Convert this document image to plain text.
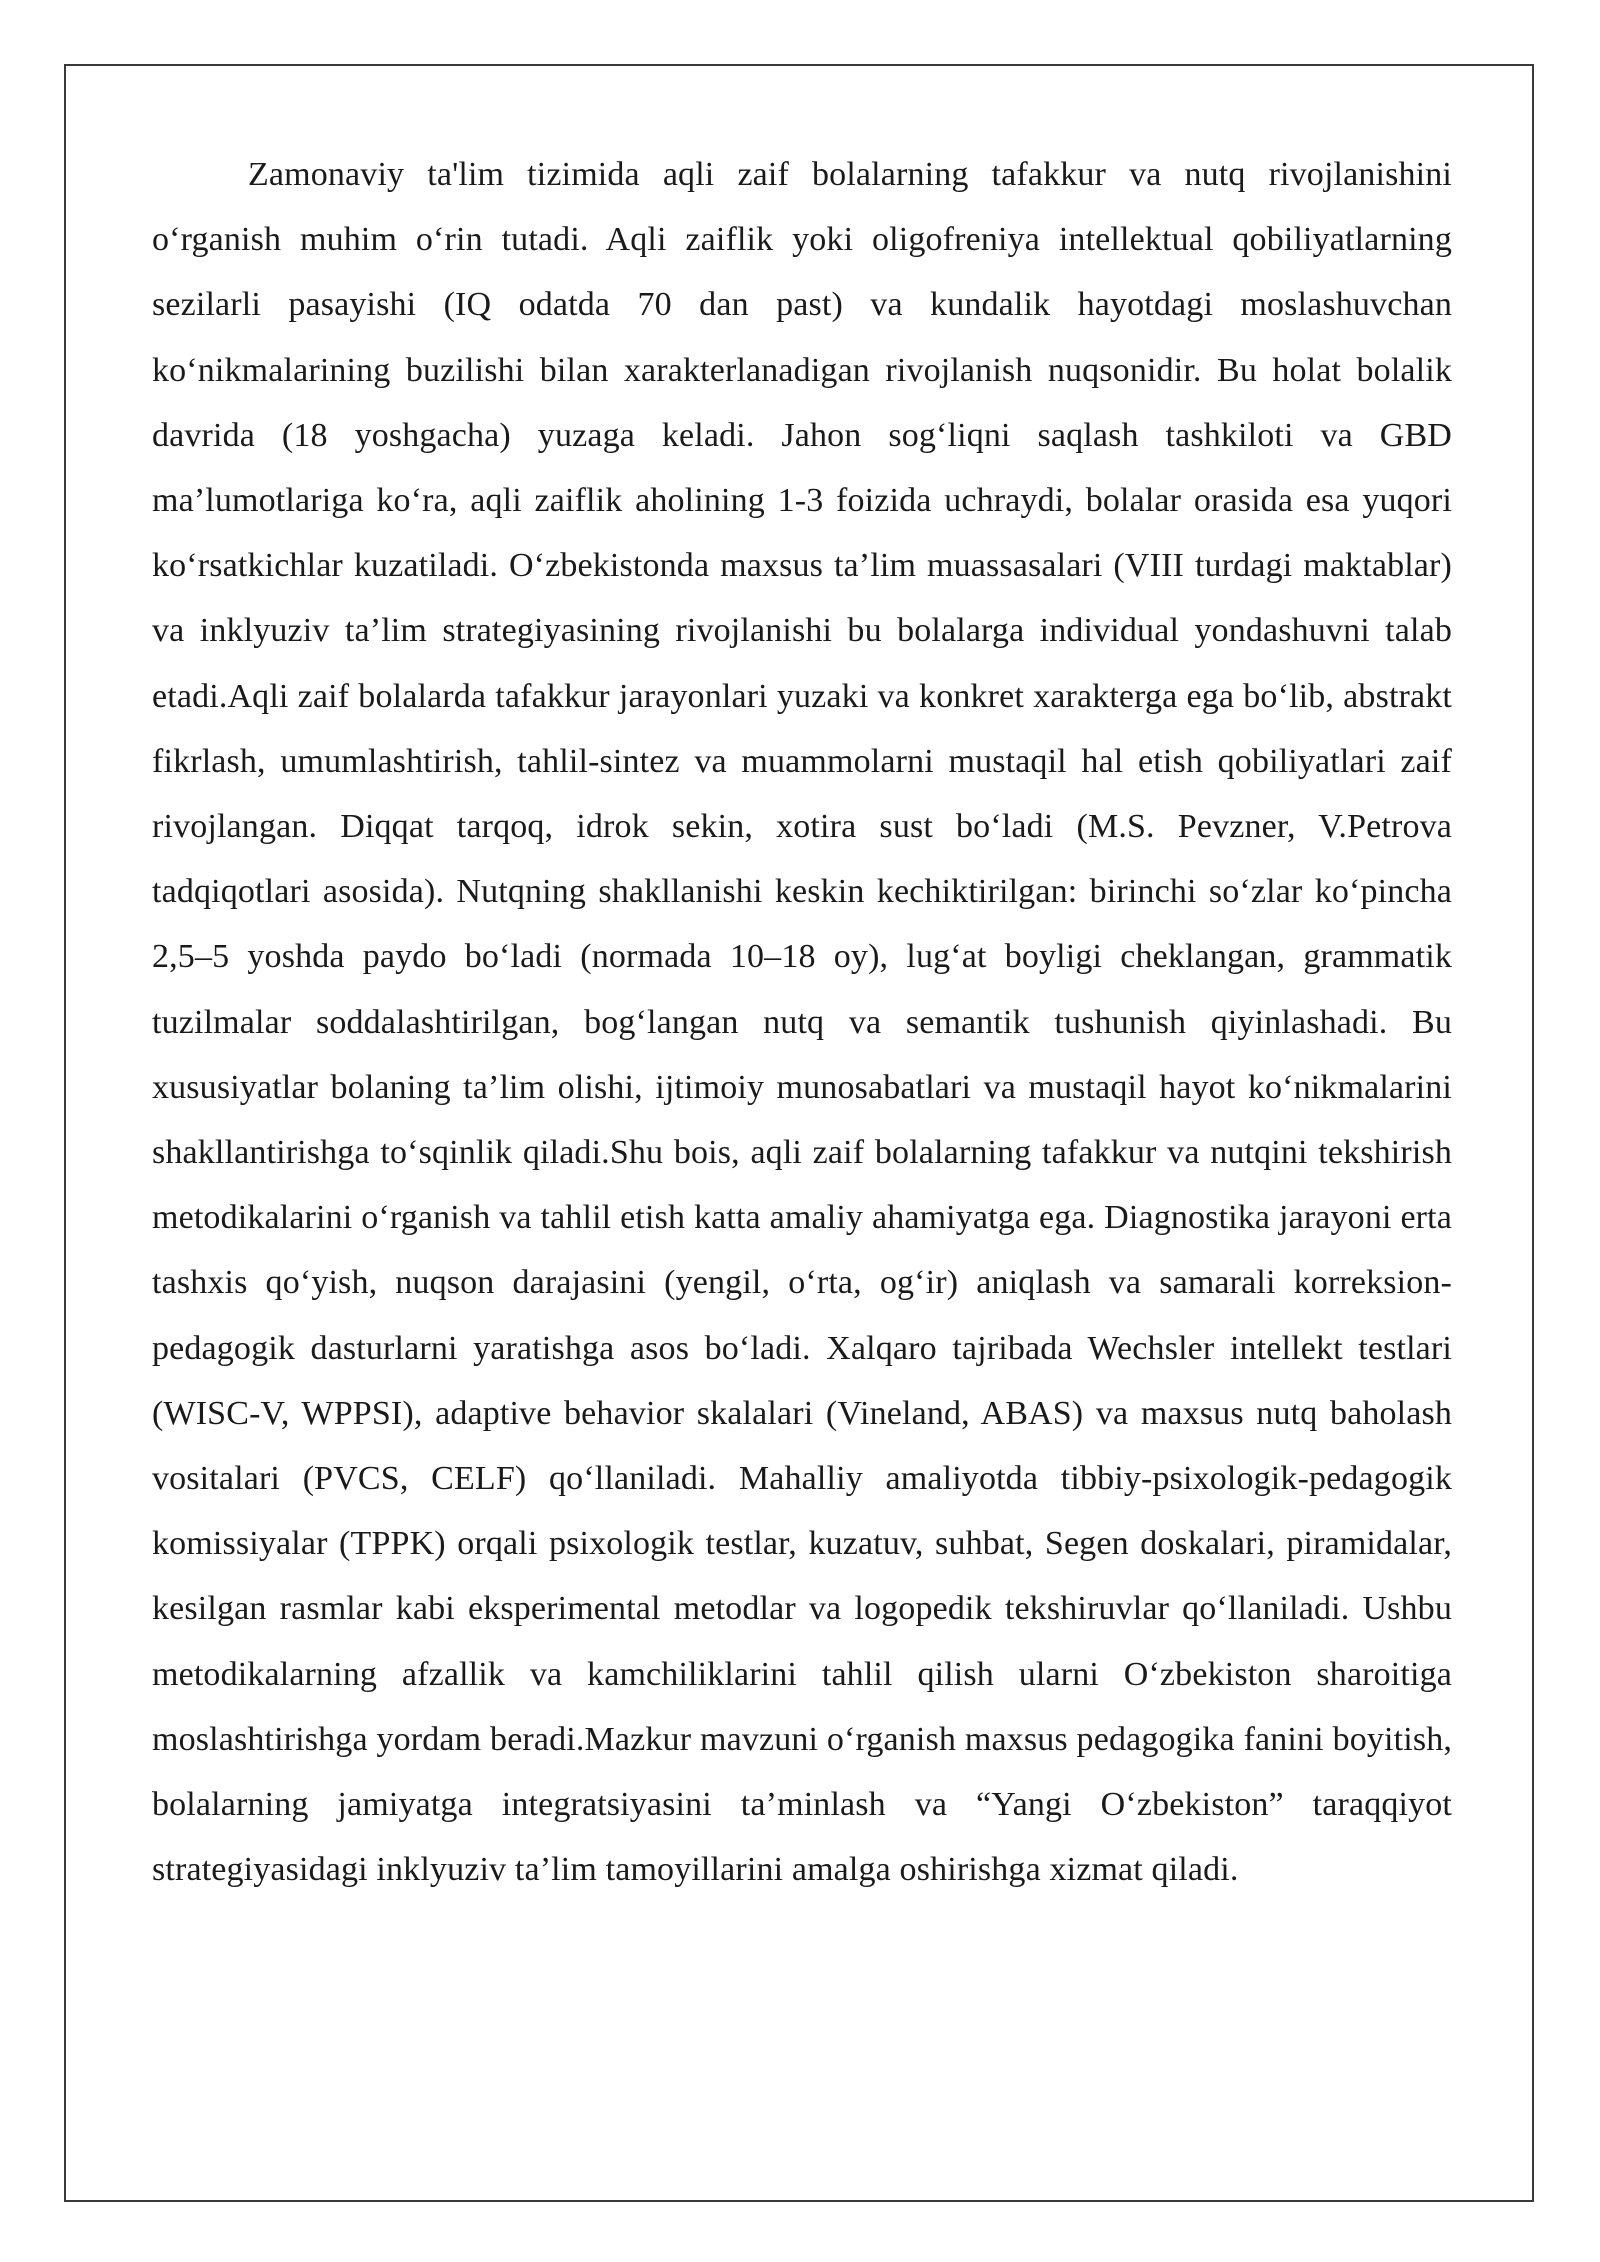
Zamonaviy ta'lim tizimida aqli zaif bolalarning tafakkur va nutq rivojlanishini o‘rganish muhim o‘rin tutadi. Aqli zaiflik yoki oligofreniya intellektual qobiliyatlarning sezilarli pasayishi (IQ odatda 70 dan past) va kundalik hayotdagi moslashuvchan ko‘nikmalarining buzilishi bilan xarakterlanadigan rivojlanish nuqsonidir. Bu holat bolalik davrida (18 yoshgacha) yuzaga keladi. Jahon sog‘liqni saqlash tashkiloti va GBD ma’lumotlariga ko‘ra, aqli zaiflik aholining 1-3 foizida uchraydi, bolalar orasida esa yuqori ko‘rsatkichlar kuzatiladi. O‘zbekistonda maxsus ta’lim muassasalari (VIII turdagi maktablar) va inklyuziv ta’lim strategiyasining rivojlanishi bu bolalarga individual yondashuvni talab etadi.Aqli zaif bolalarda tafakkur jarayonlari yuzaki va konkret xarakterga ega bo‘lib, abstrakt fikrlash, umumlashtirish, tahlil-sintez va muammolarni mustaqil hal etish qobiliyatlari zaif rivojlangan. Diqqat tarqoq, idrok sekin, xotira sust bo‘ladi (M.S. Pevzner, V.Petrova tadqiqotlari asosida). Nutqning shakllanishi keskin kechiktirilgan: birinchi so‘zlar ko‘pincha 2,5–5 yoshda paydo bo‘ladi (normada 10–18 oy), lug‘at boyligi cheklangan, grammatik tuzilmalar soddalashtirilgan, bog‘langan nutq va semantik tushunish qiyinlashadi. Bu xususiyatlar bolaning ta’lim olishi, ijtimoiy munosabatlari va mustaqil hayot ko‘nikmalarini shakllantirishga to‘sqinlik qiladi.Shu bois, aqli zaif bolalarning tafakkur va nutqini tekshirish metodikalarini o‘rganish va tahlil etish katta amaliy ahamiyatga ega. Diagnostika jarayoni erta tashxis qo‘yish, nuqson darajasini (yengil, o‘rta, og‘ir) aniqlash va samarali korreksion-pedagogik dasturlarni yaratishga asos bo‘ladi. Xalqaro tajribada Wechsler intellekt testlari (WISC-V, WPPSI), adaptive behavior skalalari (Vineland, ABAS) va maxsus nutq baholash vositalari (PVCS, CELF) qo‘llaniladi. Mahalliy amaliyotda tibbiy-psixologik-pedagogik komissiyalar (TPPK) orqali psixologik testlar, kuzatuv, suhbat, Segen doskalari, piramidalar, kesilgan rasmlar kabi eksperimental metodlar va logopedik tekshiruvlar qo‘llaniladi. Ushbu metodikalarning afzallik va kamchiliklarini tahlil qilish ularni O‘zbekiston sharoitiga moslashtirishga yordam beradi.Mazkur mavzuni o‘rganish maxsus pedagogika fanini boyitish, bolalarning jamiyatga integratsiyasini ta’minlash va “Yangi O‘zbekiston” taraqqiyot strategiyasidagi inklyuziv ta’lim tamoyillarini amalga oshirishga xizmat qiladi.
